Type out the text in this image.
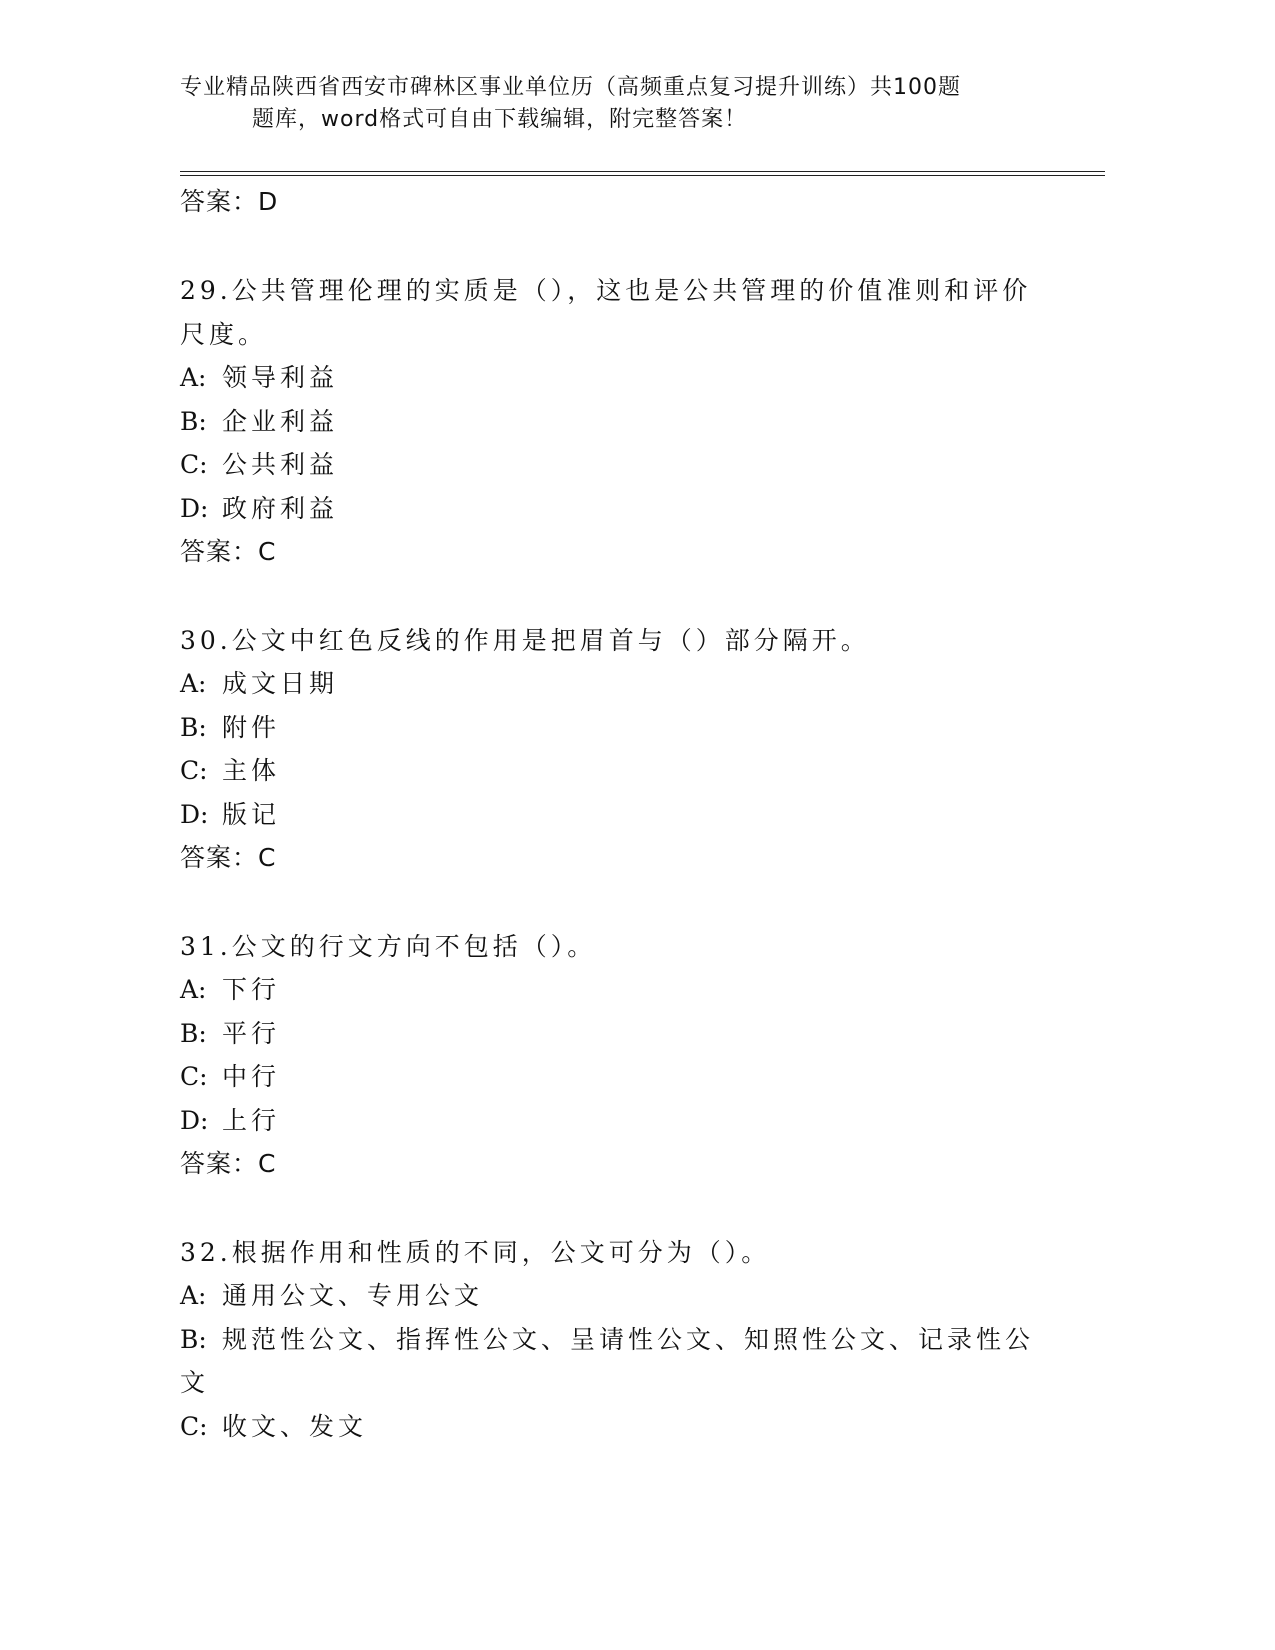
专业精品陕西省西安市碑林区事业单位历（高频重点复习提升训练）共100题
题库，word格式可自由下载编辑，附完整答案！
答案：D

29.公共管理伦理的实质是（），这也是公共管理的价值准则和评价尺度。

A: 领导利益

B: 企业利益

C: 公共利益

D: 政府利益

答案：C

30.公文中红色反线的作用是把眉首与（）部分隔开。

A: 成文日期

B: 附件

C: 主体

D: 版记

答案：C

31.公文的行文方向不包括（）。

A: 下行

B: 平行

C: 中行

D: 上行

答案：C

32.根据作用和性质的不同，公文可分为（）。

A: 通用公文、专用公文

B: 规范性公文、指挥性公文、呈请性公文、知照性公文、记录性公文

C: 收文、发文
